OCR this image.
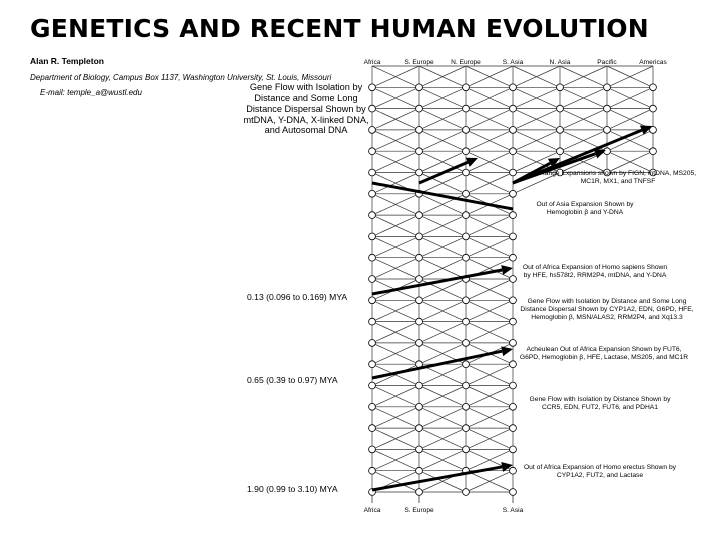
GENETICS AND RECENT HUMAN EVOLUTION
Alan R. Templeton
Department of Biology, Campus Box 1137, Washington University, St. Louis, Missouri
E-mail: temple_a@wustl.edu
Africa	S. Europe	N. Europe	S. Asia	N. Asia	Pacific	Americas
Africa	S. Europe	S. Asia
Gene Flow with Isolation by Distance and Some Long Distance Dispersal Shown by mtDNA, Y-DNA, X-linked DNA, and Autosomal DNA
0.13 (0.096 to 0.169) MYA
0.65 (0.39 to 0.97) MYA
1.90 (0.99 to 3.10) MYA
Range Expansions shown by FIGN, mtDNA, MS205, MC1R, MX1, and TNFSF
Out of Asia Expansion Shown by Hemoglobin β and Y-DNA
Out of Africa Expansion of Homo sapiens Shown by HFE, hs578t2, RRM2P4, mtDNA, and Y-DNA
Gene Flow with Isolation by Distance and Some Long Distance Dispersal Shown by CYP1A2, EDN, G6PD, HFE, Hemoglobin β, MSN/ALAS2, RRM2P4, and Xq13.3
Acheulean Out of Africa Expansion Shown by FUT6, G6PD, Hemoglobin β, HFE, Lactase, MS205, and MC1R
Gene Flow with Isolation by Distance Shown by CCR5, EDN, FUT2, FUT6, and PDHA1
Out of Africa Expansion of Homo erectus Shown by CYP1A2, FUT2, and Lactase
